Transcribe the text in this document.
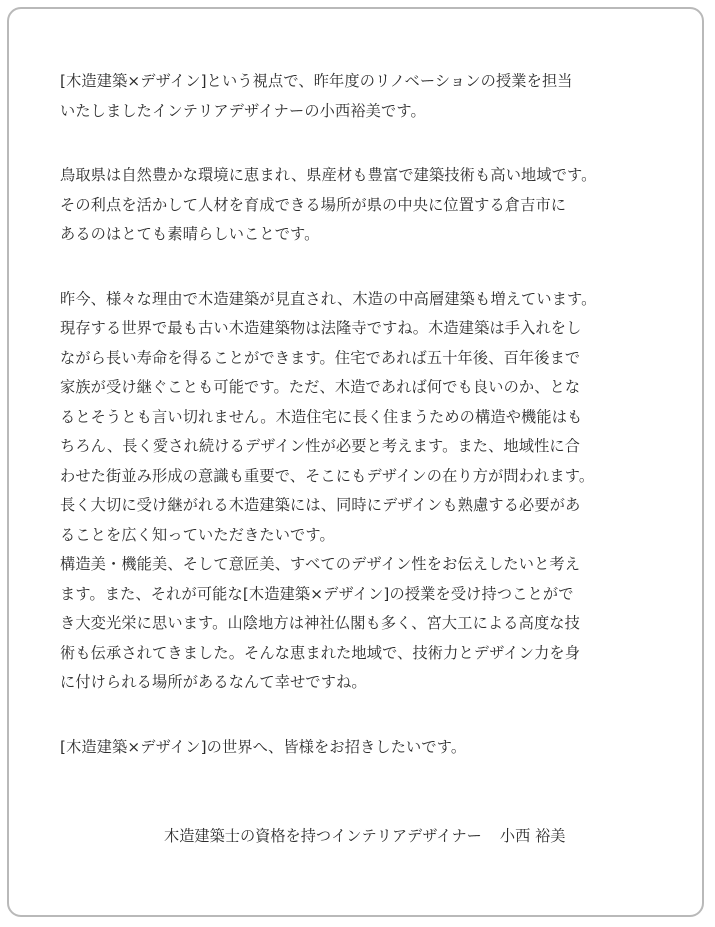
[木造建築×デザイン]という視点で、昨年度のリノベーションの授業を担当
いたしましたインテリアデザイナーの小西裕美です。
鳥取県は自然豊かな環境に恵まれ、県産材も豊富で建築技術も高い地域です。
その利点を活かして人材を育成できる場所が県の中央に位置する倉吉市に
あるのはとても素晴らしいことです。
昨今、様々な理由で木造建築が見直され、木造の中高層建築も増えています。
現存する世界で最も古い木造建築物は法隆寺ですね。木造建築は手入れをし
ながら長い寿命を得ることができます。住宅であれば五十年後、百年後まで
家族が受け継ぐことも可能です。ただ、木造であれば何でも良いのか、とな
るとそうとも言い切れません。木造住宅に長く住まうための構造や機能はも
ちろん、長く愛され続けるデザイン性が必要と考えます。また、地域性に合
わせた街並み形成の意識も重要で、そこにもデザインの在り方が問われます。
長く大切に受け継がれる木造建築には、同時にデザインも熟慮する必要があ
ることを広く知っていただきたいです。
構造美・機能美、そして意匠美、すべてのデザイン性をお伝えしたいと考え
ます。また、それが可能な[木造建築×デザイン]の授業を受け持つことがで
き大変光栄に思います。山陰地方は神社仏閣も多く、宮大工による高度な技
術も伝承されてきました。そんな恵まれた地域で、技術力とデザイン力を身
に付けられる場所があるなんて幸せですね。
[木造建築×デザイン]の世界へ、皆様をお招きしたいです。
木造建築士の資格を持つインテリアデザイナー 小西 裕美
